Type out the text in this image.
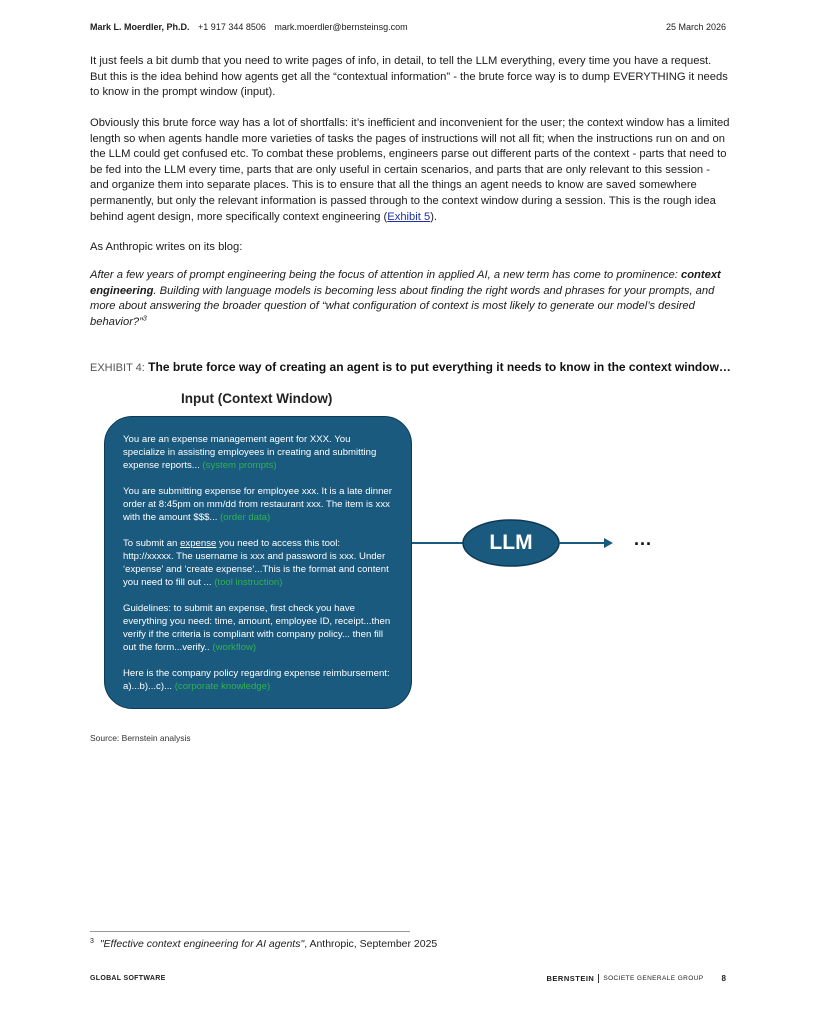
Mark L. Moerdler, Ph.D. +1 917 344 8506 mark.moerdler@bernsteinsg.com	25 March 2026

It just feels a bit dumb that you need to write pages of info, in detail, to tell the LLM everything, every time you have a request. But this is the idea behind how agents get all the “contextual information” - the brute force way is to dump EVERYTHING it needs to know in the prompt window (input).

Obviously this brute force way has a lot of shortfalls: it’s inefficient and inconvenient for the user; the context window has a limited length so when agents handle more varieties of tasks the pages of instructions will not all fit; when the instructions run on and on the LLM could get confused etc. To combat these problems, engineers parse out different parts of the context - parts that need to be fed into the LLM every time, parts that are only useful in certain scenarios, and parts that are only relevant to this session - and organize them into separate places. This is to ensure that all the things an agent needs to know are saved somewhere permanently, but only the relevant information is passed through to the context window during a session. This is the rough idea behind agent design, more specifically context engineering (Exhibit 5).

As Anthropic writes on its blog:

After a few years of prompt engineering being the focus of attention in applied AI, a new term has come to prominence: context engineering. Building with language models is becoming less about finding the right words and phrases for your prompts, and more about answering the broader question of “what configuration of context is most likely to generate our model’s desired behavior?”$^3$

EXHIBIT 4: The brute force way of creating an agent is to put everything it needs to know in the context window…
Input (Context Window)
You are an expense management agent for XXX. You specialize in assisting employees in creating and submitting expense reports... (system prompts)
You are submitting expense for employee xxx. It is a late dinner order at 8:45pm on mm/dd from restaurant xxx. The item is xxx with the amount $$$... (order data)
To submit an expense you need to access this tool: http://xxxxx. The username is xxx and password is xxx. Under ‘expense’ and ‘create expense’...This is the format and content you need to fill out ... (tool instruction)
Guidelines: to submit an expense, first check you have everything you need: time, amount, employee ID, receipt...then verify if the criteria is compliant with company policy... then fill out the form...verify.. (workflow)
Here is the company policy regarding expense reimbursement: a)...b)...c)... (corporate knowledge)
LLM	...
Source: Bernstein analysis
$^3$ "Effective context engineering for AI agents", Anthropic, September 2025
GLOBAL SOFTWARE	BERNSTEIN SOCIETE GENERALE GROUP 8
